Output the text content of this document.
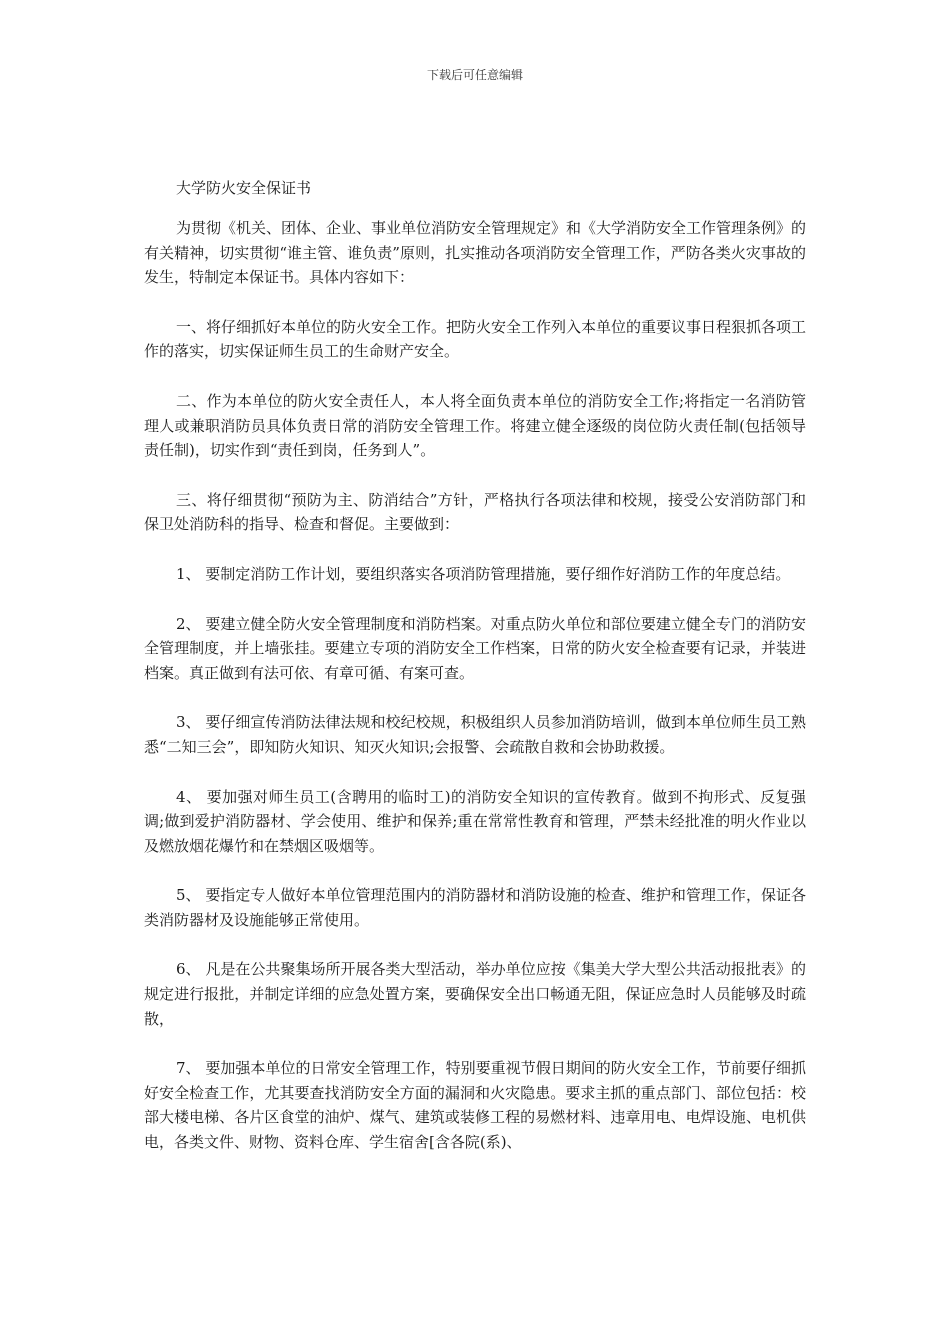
下载后可任意编辑

大学防火安全保证书

为贯彻《机关、团体、企业、事业单位消防安全管理规定》和《大学消防安全工作管理条例》的有关精神，切实贯彻“谁主管、谁负责”原则，扎实推动各项消防安全管理工作，严防各类火灾事故的发生，特制定本保证书。具体内容如下：

一、将仔细抓好本单位的防火安全工作。把防火安全工作列入本单位的重要议事日程狠抓各项工作的落实，切实保证师生员工的生命财产安全。

二、作为本单位的防火安全责任人，本人将全面负责本单位的消防安全工作;将指定一名消防管理人或兼职消防员具体负责日常的消防安全管理工作。将建立健全逐级的岗位防火责任制(包括领导责任制)，切实作到“责任到岗，任务到人”。

三、将仔细贯彻“预防为主、防消结合”方针，严格执行各项法律和校规，接受公安消防部门和保卫处消防科的指导、检查和督促。主要做到：

1、 要制定消防工作计划，要组织落实各项消防管理措施，要仔细作好消防工作的年度总结。

2、 要建立健全防火安全管理制度和消防档案。对重点防火单位和部位要建立健全专门的消防安全管理制度，并上墙张挂。要建立专项的消防安全工作档案，日常的防火安全检查要有记录，并装进档案。真正做到有法可依、有章可循、有案可查。

3、 要仔细宣传消防法律法规和校纪校规，积极组织人员参加消防培训，做到本单位师生员工熟悉“二知三会”，即知防火知识、知灭火知识;会报警、会疏散自救和会协助救援。

4、 要加强对师生员工(含聘用的临时工)的消防安全知识的宣传教育。做到不拘形式、反复强调;做到爱护消防器材、学会使用、维护和保养;重在常常性教育和管理，严禁未经批准的明火作业以及燃放烟花爆竹和在禁烟区吸烟等。

5、 要指定专人做好本单位管理范围内的消防器材和消防设施的检查、维护和管理工作，保证各类消防器材及设施能够正常使用。

6、 凡是在公共聚集场所开展各类大型活动，举办单位应按《集美大学大型公共活动报批表》的规定进行报批，并制定详细的应急处置方案，要确保安全出口畅通无阻，保证应急时人员能够及时疏散，

7、 要加强本单位的日常安全管理工作，特别要重视节假日期间的防火安全工作，节前要仔细抓好安全检查工作，尤其要查找消防安全方面的漏洞和火灾隐患。要求主抓的重点部门、部位包括：校部大楼电梯、各片区食堂的油炉、煤气、建筑或装修工程的易燃材料、违章用电、电焊设施、电机供电，各类文件、财物、资料仓库、学生宿舍[含各院(系)、
